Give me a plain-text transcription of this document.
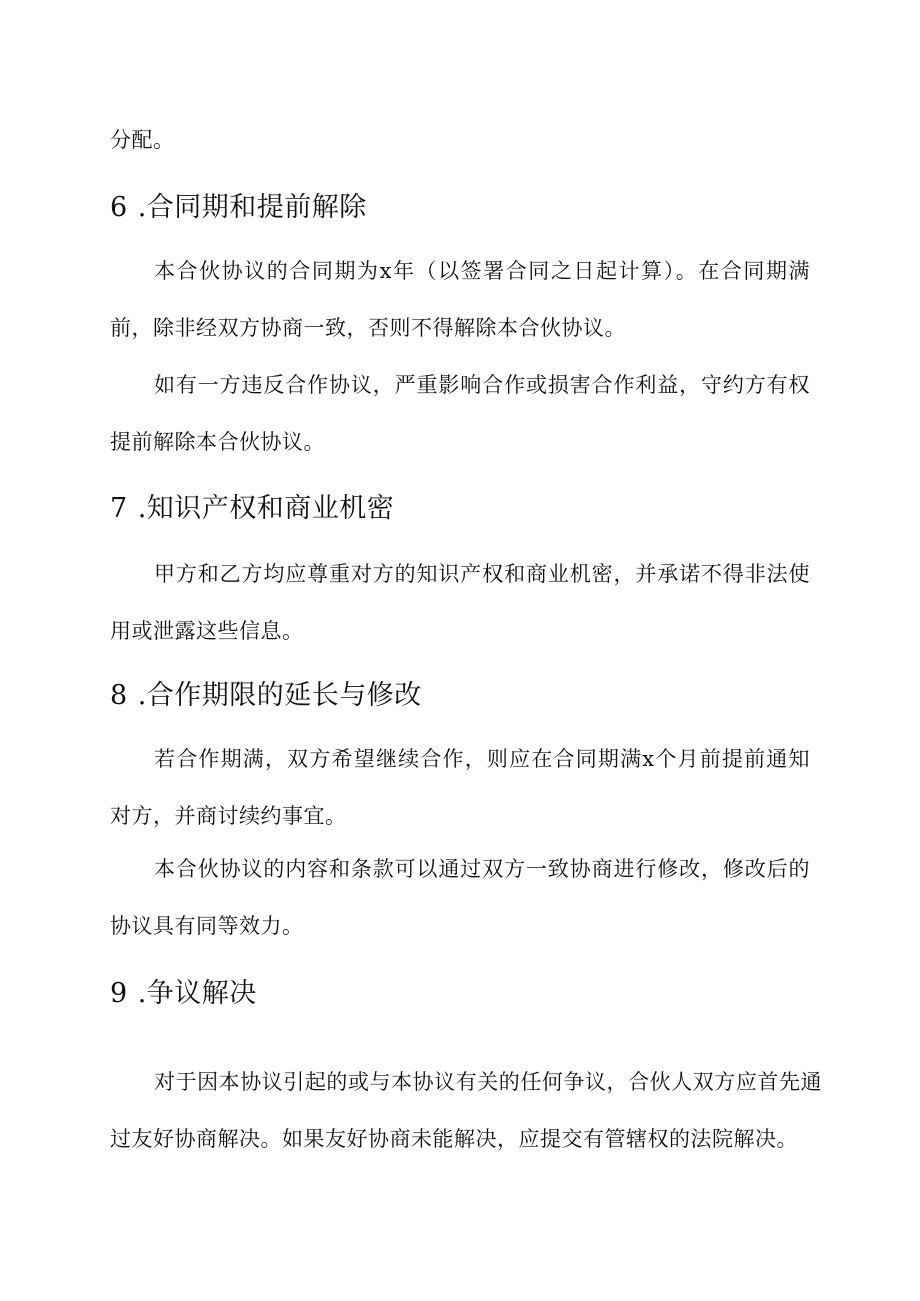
分配。

6 .合同期和提前解除

本合伙协议的合同期为x年（以签署合同之日起计算）。在合同期满前，除非经双方协商一致，否则不得解除本合伙协议。

如有一方违反合作协议，严重影响合作或损害合作利益，守约方有权提前解除本合伙协议。

7 .知识产权和商业机密

甲方和乙方均应尊重对方的知识产权和商业机密，并承诺不得非法使用或泄露这些信息。

8 .合作期限的延长与修改

若合作期满，双方希望继续合作，则应在合同期满x个月前提前通知对方，并商讨续约事宜。

本合伙协议的内容和条款可以通过双方一致协商进行修改，修改后的协议具有同等效力。

9 .争议解决

对于因本协议引起的或与本协议有关的任何争议，合伙人双方应首先通过友好协商解决。如果友好协商未能解决，应提交有管辖权的法院解决。
